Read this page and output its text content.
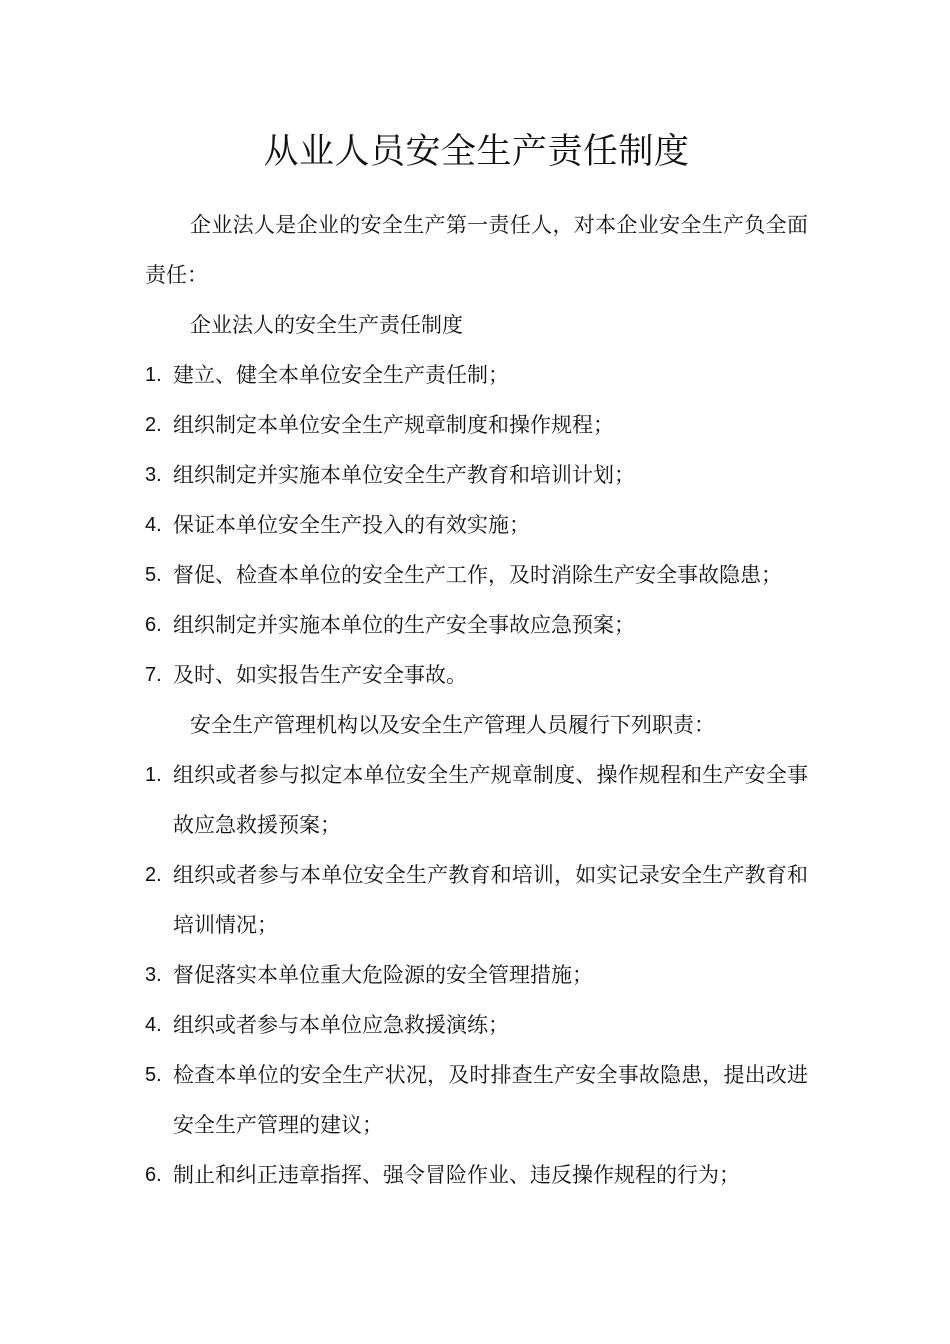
从业人员安全生产责任制度

企业法人是企业的安全生产第一责任人，对本企业安全生产负全面责任：

企业法人的安全生产责任制度

1. 建立、健全本单位安全生产责任制；
2. 组织制定本单位安全生产规章制度和操作规程；
3. 组织制定并实施本单位安全生产教育和培训计划；
4. 保证本单位安全生产投入的有效实施；
5. 督促、检查本单位的安全生产工作，及时消除生产安全事故隐患；
6. 组织制定并实施本单位的生产安全事故应急预案；
7. 及时、如实报告生产安全事故。

安全生产管理机构以及安全生产管理人员履行下列职责：

1. 组织或者参与拟定本单位安全生产规章制度、操作规程和生产安全事故应急救援预案；
2. 组织或者参与本单位安全生产教育和培训，如实记录安全生产教育和培训情况；
3. 督促落实本单位重大危险源的安全管理措施；
4. 组织或者参与本单位应急救援演练；
5. 检查本单位的安全生产状况，及时排查生产安全事故隐患，提出改进安全生产管理的建议；
6. 制止和纠正违章指挥、强令冒险作业、违反操作规程的行为；
